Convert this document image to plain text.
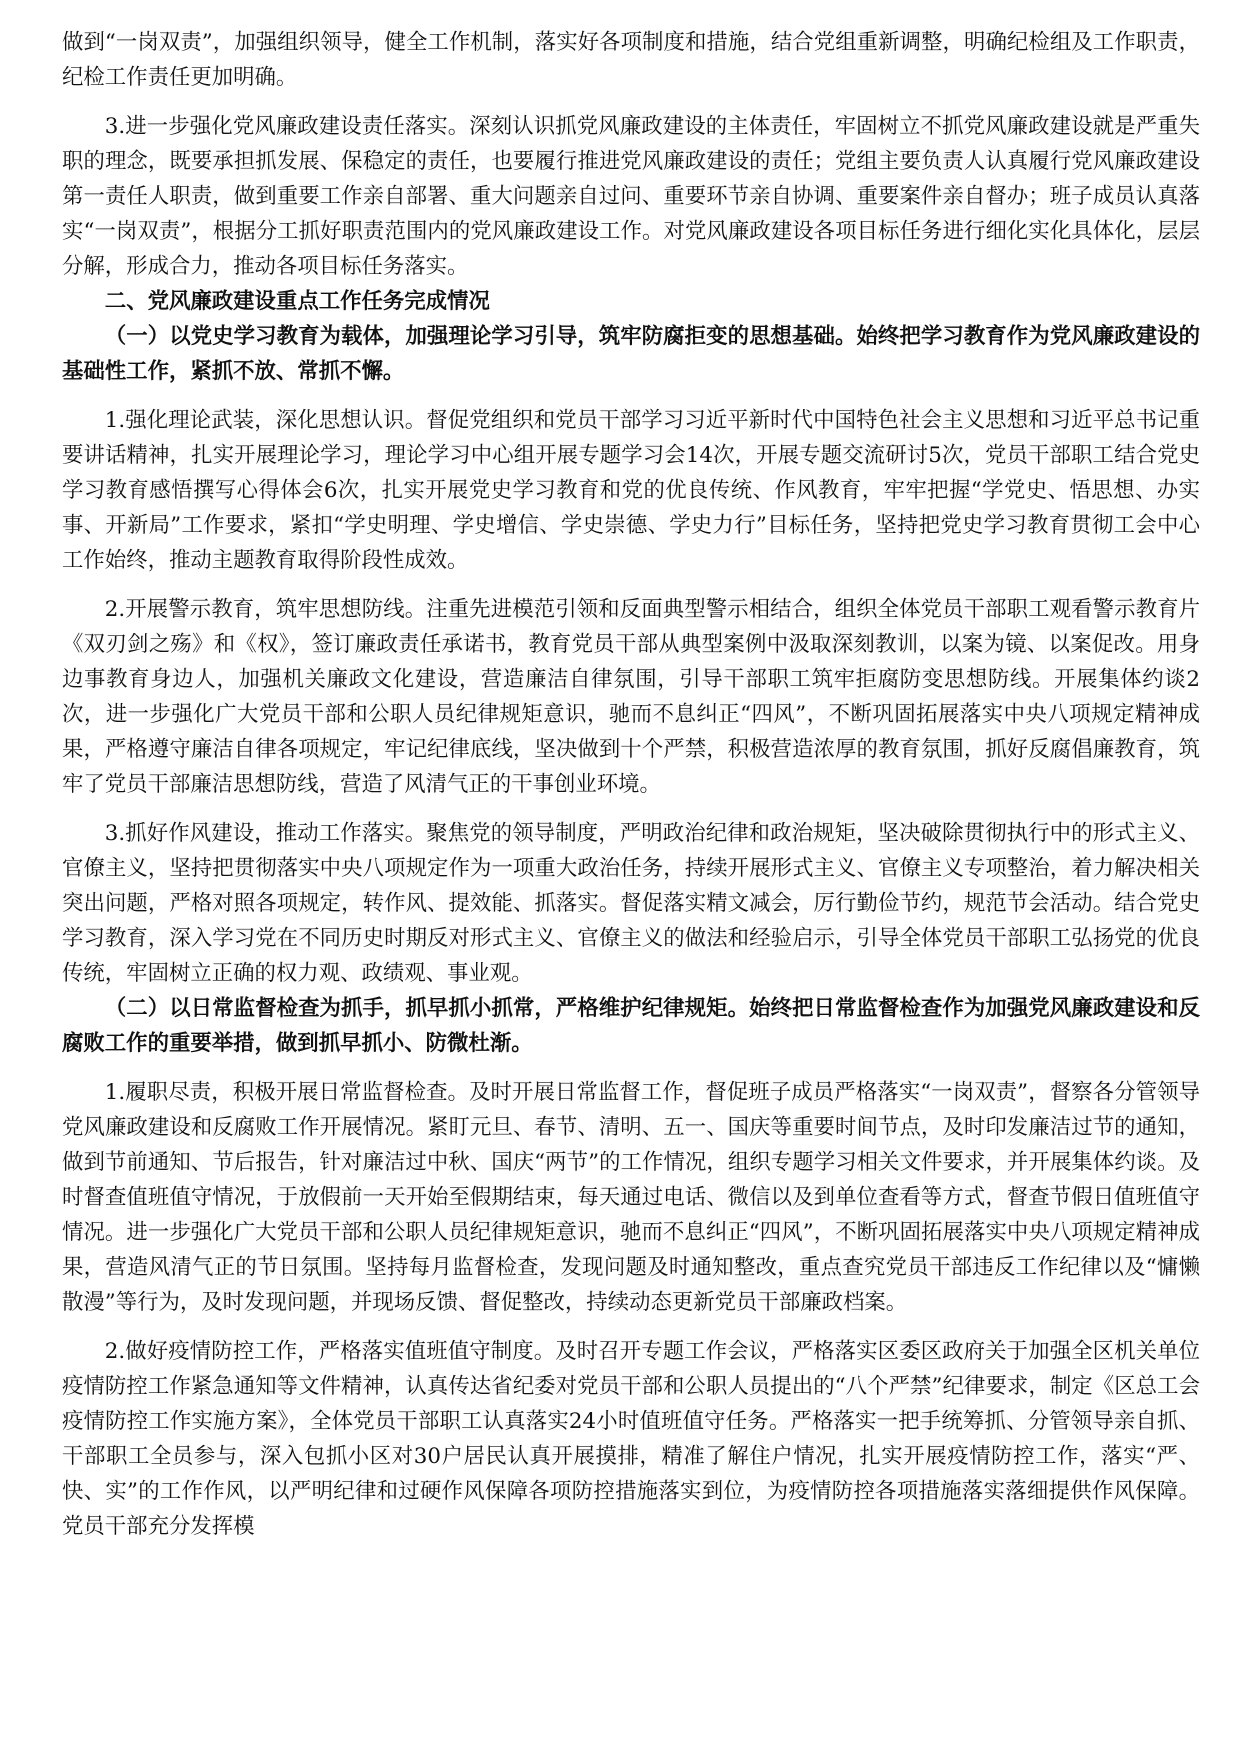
做到“一岗双责”，加强组织领导，健全工作机制，落实好各项制度和措施，结合党组重新调整，明确纪检组及工作职责，纪检工作责任更加明确。

3.进一步强化党风廉政建设责任落实。深刻认识抓党风廉政建设的主体责任，牢固树立不抓党风廉政建设就是严重失职的理念，既要承担抓发展、保稳定的责任，也要履行推进党风廉政建设的责任；党组主要负责人认真履行党风廉政建设第一责任人职责，做到重要工作亲自部署、重大问题亲自过问、重要环节亲自协调、重要案件亲自督办；班子成员认真落实“一岗双责”，根据分工抓好职责范围内的党风廉政建设工作。对党风廉政建设各项目标任务进行细化实化具体化，层层分解，形成合力，推动各项目标任务落实。

二、党风廉政建设重点工作任务完成情况

（一）以党史学习教育为载体，加强理论学习引导，筑牢防腐拒变的思想基础。始终把学习教育作为党风廉政建设的基础性工作，紧抓不放、常抓不懈。

1.强化理论武装，深化思想认识。督促党组织和党员干部学习习近平新时代中国特色社会主义思想和习近平总书记重要讲话精神，扎实开展理论学习，理论学习中心组开展专题学习会14次，开展专题交流研讨5次，党员干部职工结合党史学习教育感悟撰写心得体会6次，扎实开展党史学习教育和党的优良传统、作风教育，牢牢把握“学党史、悟思想、办实事、开新局”工作要求，紧扣“学史明理、学史增信、学史崇德、学史力行”目标任务，坚持把党史学习教育贯彻工会中心工作始终，推动主题教育取得阶段性成效。

2.开展警示教育，筑牢思想防线。注重先进模范引领和反面典型警示相结合，组织全体党员干部职工观看警示教育片《双刃剑之殇》和《权》，签订廉政责任承诺书，教育党员干部从典型案例中汲取深刻教训，以案为镜、以案促改。用身边事教育身边人，加强机关廉政文化建设，营造廉洁自律氛围，引导干部职工筑牢拒腐防变思想防线。开展集体约谈2次，进一步强化广大党员干部和公职人员纪律规矩意识，驰而不息纠正“四风”，不断巩固拓展落实中央八项规定精神成果，严格遵守廉洁自律各项规定，牢记纪律底线，坚决做到十个严禁，积极营造浓厚的教育氛围，抓好反腐倡廉教育，筑牢了党员干部廉洁思想防线，营造了风清气正的干事创业环境。

3.抓好作风建设，推动工作落实。聚焦党的领导制度，严明政治纪律和政治规矩，坚决破除贯彻执行中的形式主义、官僚主义，坚持把贯彻落实中央八项规定作为一项重大政治任务，持续开展形式主义、官僚主义专项整治，着力解决相关突出问题，严格对照各项规定，转作风、提效能、抓落实。督促落实精文减会，厉行勤俭节约，规范节会活动。结合党史学习教育，深入学习党在不同历史时期反对形式主义、官僚主义的做法和经验启示，引导全体党员干部职工弘扬党的优良传统，牢固树立正确的权力观、政绩观、事业观。

（二）以日常监督检查为抓手，抓早抓小抓常，严格维护纪律规矩。始终把日常监督检查作为加强党风廉政建设和反腐败工作的重要举措，做到抓早抓小、防微杜渐。

1.履职尽责，积极开展日常监督检查。及时开展日常监督工作，督促班子成员严格落实“一岗双责”，督察各分管领导党风廉政建设和反腐败工作开展情况。紧盯元旦、春节、清明、五一、国庆等重要时间节点，及时印发廉洁过节的通知，做到节前通知、节后报告，针对廉洁过中秋、国庆“两节”的工作情况，组织专题学习相关文件要求，并开展集体约谈。及时督查值班值守情况，于放假前一天开始至假期结束，每天通过电话、微信以及到单位查看等方式，督查节假日值班值守情况。进一步强化广大党员干部和公职人员纪律规矩意识，驰而不息纠正“四风”，不断巩固拓展落实中央八项规定精神成果，营造风清气正的节日氛围。坚持每月监督检查，发现问题及时通知整改，重点查究党员干部违反工作纪律以及“慵懒散漫”等行为，及时发现问题，并现场反馈、督促整改，持续动态更新党员干部廉政档案。

2.做好疫情防控工作，严格落实值班值守制度。及时召开专题工作会议，严格落实区委区政府关于加强全区机关单位疫情防控工作紧急通知等文件精神，认真传达省纪委对党员干部和公职人员提出的“八个严禁”纪律要求，制定《区总工会疫情防控工作实施方案》，全体党员干部职工认真落实24小时值班值守任务。严格落实一把手统筹抓、分管领导亲自抓、干部职工全员参与，深入包抓小区对30户居民认真开展摸排，精准了解住户情况，扎实开展疫情防控工作，落实“严、快、实”的工作作风，以严明纪律和过硬作风保障各项防控措施落实到位，为疫情防控各项措施落实落细提供作风保障。党员干部充分发挥模
